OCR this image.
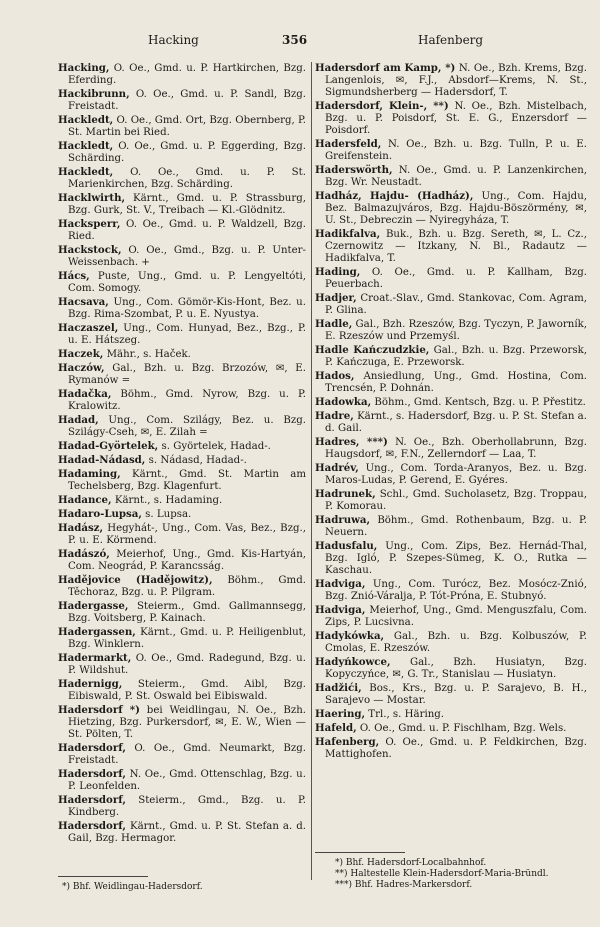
Hacking	356	Hafenberg
Hacking, O. Oe., Gmd. u. P. Hartkirchen, Bzg. Eferding.
Hackibrunn, O. Oe., Gmd. u. P. Sandl, Bzg. Freistadt.
Hackledt, O. Oe., Gmd. Ort, Bzg. Obernberg, P. St. Martin bei Ried.
Hackledt, O. Oe., Gmd. u. P. Eggerding, Bzg. Schärding.
Hackledt, O. Oe., Gmd. u. P. St. Marienkirchen, Bzg. Schärding.
Hacklwirth, Kärnt., Gmd. u. P. Strassburg, Bzg. Gurk, St. V., Treibach — Kl.-Glödnitz.
Hacksperr, O. Oe., Gmd. u. P. Waldzell, Bzg. Ried.
Hackstock, O. Oe., Gmd., Bzg. u. P. Unter-Weissenbach. +
Hács, Puste, Ung., Gmd. u. P. Lengyeltóti, Com. Somogy.
Hacsava, Ung., Com. Gömör-Kis-Hont, Bez. u. Bzg. Rima-Szombat, P. u. E. Nyustya.
Haczaszel, Ung., Com. Hunyad, Bez., Bzg., P. u. E. Hátszeg.
Haczek, Mähr., s. Haček.
Haczów, Gal., Bzh. u. Bzg. Brzozów, ✉, E. Rymanów =
Hadačka, Böhm., Gmd. Nyrow, Bzg. u. P. Kralowitz.
Hadad, Ung., Com. Szilágy, Bez. u. Bzg. Szilágy-Cseh, ✉, E. Zilah =
Hadad-Györtelek, s. Györtelek, Hadad-.
Hadad-Nádasd, s. Nádasd, Hadad-.
Hadaming, Kärnt., Gmd. St. Martin am Techelsberg, Bzg. Klagenfurt.
Hadance, Kärnt., s. Hadaming.
Hadaro-Lupsa, s. Lupsa.
Hadász, Hegyhát-, Ung., Com. Vas, Bez., Bzg., P. u. E. Körmend.
Hadászó, Meierhof, Ung., Gmd. Kis-Hartyán, Com. Neográd, P. Karancsság.
Hadějovice (Hadějowitz), Böhm., Gmd. Těchoraz, Bzg. u. P. Pilgram.
Hadergasse, Steierm., Gmd. Gallmannsegg, Bzg. Voitsberg, P. Kainach.
Hadergassen, Kärnt., Gmd. u. P. Heiligenblut, Bzg. Winklern.
Hadermarkt, O. Oe., Gmd. Radegund, Bzg. u. P. Wildshut.
Hadernigg, Steierm., Gmd. Aibl, Bzg. Eibiswald, P. St. Oswald bei Eibiswald.
Hadersdorf *) bei Weidlingau, N. Oe., Bzh. Hietzing, Bzg. Purkersdorf, ✉, E. W., Wien — St. Pölten, T.
Hadersdorf, O. Oe., Gmd. Neumarkt, Bzg. Freistadt.
Hadersdorf, N. Oe., Gmd. Ottenschlag, Bzg. u. P. Leonfelden.
Hadersdorf, Steierm., Gmd., Bzg. u. P. Kindberg.
Hadersdorf, Kärnt., Gmd. u. P. St. Stefan a. d. Gail, Bzg. Hermagor.
Hadersdorf am Kamp, *) N. Oe., Bzh. Krems, Bzg. Langenlois, ✉, F.J., Absdorf—Krems, N. St., Sigmundsherberg — Hadersdorf, T.
Hadersdorf, Klein-, **) N. Oe., Bzh. Mistelbach, Bzg. u. P. Poisdorf, St. E. G., Enzersdorf — Poisdorf.
Hadersfeld, N. Oe., Bzh. u. Bzg. Tulln, P. u. E. Greifenstein.
Haderswörth, N. Oe., Gmd. u. P. Lanzenkirchen, Bzg. Wr. Neustadt.
Hadház, Hajdu- (Hadház), Ung., Com. Hajdu, Bez. Balmazujváros, Bzg. Hajdu-Böszörmény, ✉, U. St., Debreczin — Nyiregyháza, T.
Hadikfalva, Buk., Bzh. u. Bzg. Sereth, ✉, L. Cz., Czernowitz — Itzkany, N. Bl., Radautz — Hadikfalva, T.
Hading, O. Oe., Gmd. u. P. Kallham, Bzg. Peuerbach.
Hadjer, Croat.-Slav., Gmd. Stankovac, Com. Agram, P. Glina.
Hadle, Gal., Bzh. Rzeszów, Bzg. Tyczyn, P. Jaworník, E. Rzeszów und Przemyśl.
Hadle Kańczudzkie, Gal., Bzh. u. Bzg. Przeworsk, P. Kańczuga, E. Przeworsk.
Hados, Ansiedlung, Ung., Gmd. Hostina, Com. Trencsén, P. Dohnán.
Hadowka, Böhm., Gmd. Kentsch, Bzg. u. P. Přestitz.
Hadre, Kärnt., s. Hadersdorf, Bzg. u. P. St. Stefan a. d. Gail.
Hadres, ***) N. Oe., Bzh. Oberhollabrunn, Bzg. Haugsdorf, ✉, F.N., Zellerndorf — Laa, T.
Hadrév, Ung., Com. Torda-Aranyos, Bez. u. Bzg. Maros-Ludas, P. Gerend, E. Gyéres.
Hadrunek, Schl., Gmd. Sucholasetz, Bzg. Troppau, P. Komorau.
Hadruwa, Böhm., Gmd. Rothenbaum, Bzg. u. P. Neuern.
Hadusfalu, Ung., Com. Zips, Bez. Hernád-Thal, Bzg. Igló, P. Szepes-Sümeg, K. O., Rutka — Kaschau.
Hadviga, Ung., Com. Turócz, Bez. Mosócz-Znió, Bzg. Znió-Váralja, P. Tót-Próna, E. Stubnyó.
Hadviga, Meierhof, Ung., Gmd. Menguszfalu, Com. Zips, P. Lucsivna.
Hadykówka, Gal., Bzh. u. Bzg. Kolbuszów, P. Cmolas, E. Rzeszów.
Hadyńkowce, Gal., Bzh. Husiatyn, Bzg. Kopyczyńce, ✉, G. Tr., Stanislau — Husiatyn.
Hadžići, Bos., Krs., Bzg. u. P. Sarajevo, B. H., Sarajevo — Mostar.
Haering, Trl., s. Häring.
Hafeld, O. Oe., Gmd. u. P. Fischlham, Bzg. Wels.
Hafenberg, O. Oe., Gmd. u. P. Feldkirchen, Bzg. Mattighofen.
*) Bhf. Weidlingau-Hadersdorf.
*) Bhf. Hadersdorf-Localbahnhof.
**) Haltestelle Klein-Hadersdorf-Maria-Bründl.
***) Bhf. Hadres-Markersdorf.
